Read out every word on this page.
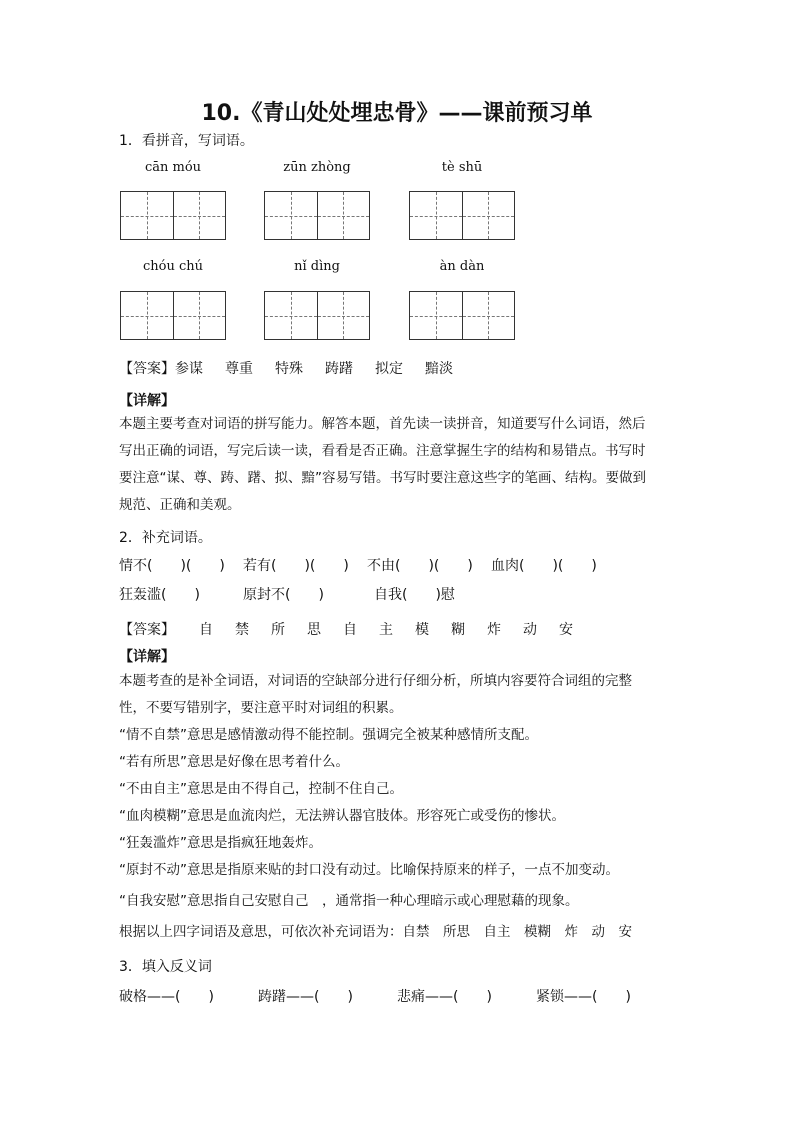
10.《青山处处埋忠骨》——课前预习单
1．看拼音，写词语。
cān móu	zūn zhòng	tè shū
chóu chú	nǐ dìng	àn dàn
【答案】参谋 尊重 特殊 踌躇 拟定 黯淡
【详解】
本题主要考查对词语的拼写能力。解答本题，首先读一读拼音，知道要写什么词语，然后
写出正确的词语，写完后读一读，看看是否正确。注意掌握生字的结构和易错点。书写时
要注意“谋、尊、踌、躇、拟、黯”容易写错。书写时要注意这些字的笔画、结构。要做到
规范、正确和美观。
2．补充词语。
情不(　　)(　　) 若有(　　)(　　) 不由(　　)(　　) 血肉(　　)(　　)
狂轰滥(　　)	原封不(　　)	自我(　　)慰
【答案】 自 禁 所 思 自 主 模 糊 炸 动 安
【详解】
本题考查的是补全词语，对词语的空缺部分进行仔细分析，所填内容要符合词组的完整
性，不要写错别字，要注意平时对词组的积累。
“情不自禁”意思是感情激动得不能控制。强调完全被某种感情所支配。
“若有所思”意思是好像在思考着什么。
“不由自主”意思是由不得自己，控制不住自己。
“血肉模糊”意思是血流肉烂，无法辨认器官肢体。形容死亡或受伤的惨状。
“狂轰滥炸”意思是指疯狂地轰炸。
“原封不动”意思是指原来贴的封口没有动过。比喻保持原来的样子，一点不加变动。
“自我安慰”意思指自己安慰自己　，通常指一种心理暗示或心理慰藉的现象。
根据以上四字词语及意思，可依次补充词语为：自禁　所思　自主　模糊　炸　动　安
3．填入反义词
破格——(　　)	踌躇——(　　)	悲痛——(　　)	紧锁——(　　)
